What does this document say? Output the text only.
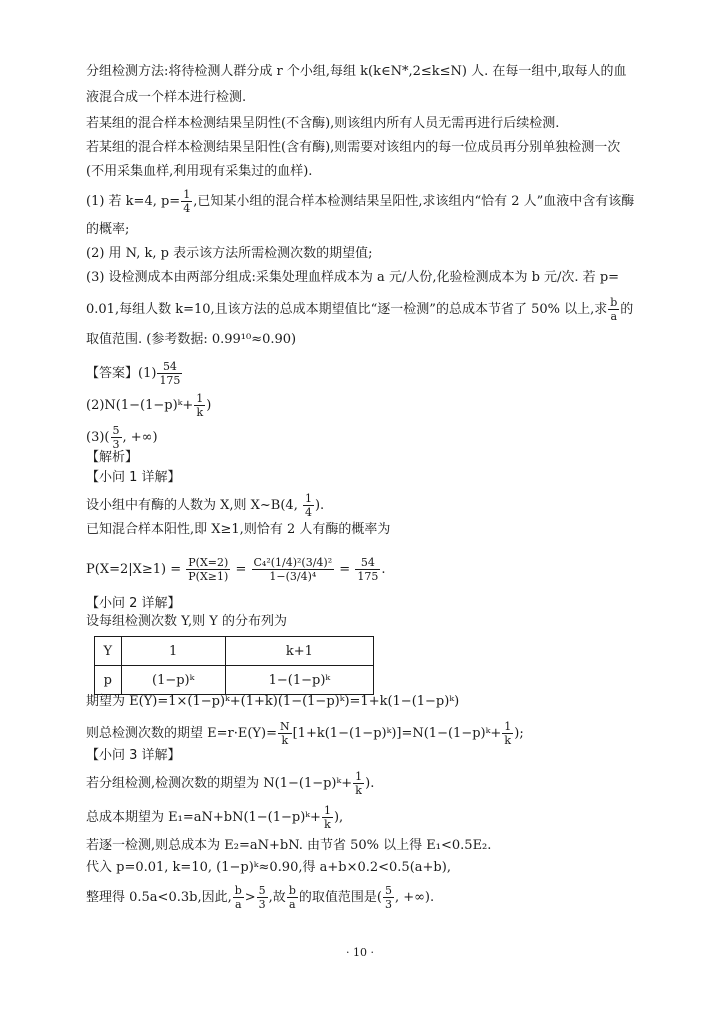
分组检测方法:将待检测人群分成 r 个小组,每组 k(k∈N*,2≤k≤N) 人. 在每一组中,取每人的血
液混合成一个样本进行检测.
若某组的混合样本检测结果呈阴性(不含酶),则该组内所有人员无需再进行后续检测.
若某组的混合样本检测结果呈阳性(含有酶),则需要对该组内的每一位成员再分别单独检测一次
(不用采集血样,利用现有采集过的血样).
(1) 若 k=4, $p= \frac{1}{4}$ ,已知某小组的混合样本检测结果呈阳性,求该组内“恰有 2 人”血液中含有该酶
的概率;
(2) 用 N, k, p 表示该方法所需检测次数的期望值;
(3) 设检测成本由两部分组成:采集处理血样成本为 a 元/人份,化验检测成本为 b 元/次. 若 p=
0.01,每组人数 k=10,且该方法的总成本期望值比“逐一检测”的总成本节省了 50% 以上,求 $\frac{b}{a}$ 的
取值范围. (参考数据: 0.99¹⁰≈0.90)
【答案】$(1) \frac{54}{175}$
(2)N(1−(1−p)ᵏ+ $\frac{1}{k}$ )
$(3)( \frac{5}{3}$ , +∞)
【解析】
【小问 1 详解】
设小组中有酶的人数为 X,则 X~B(4, $\frac{1}{4}$ ).
已知混合样本阳性,即 X≥1,则恰有 2 人有酶的概率为
$P(X=2|X\ge 1) = \frac{P(X=2)}{P(X\ge 1)} = \frac{\text{C₄²(1/4)²(3/4)²}}{\text{1−(3/4)⁴}} = \frac{54}{175}$ .
【小问 2 详解】
设每组检测次数 Y,则 Y 的分布列为
Y	1	k+1
p	(1−p)ᵏ	1−(1−p)ᵏ
期望为 E(Y)=1×(1−p)ᵏ+(1+k)(1−(1−p)ᵏ)=1+k(1−(1−p)ᵏ)
则总检测次数的期望 $E=r\cdot E(Y)= \frac{N}{k}$ [1+k(1−(1−p)ᵏ)]=N(1−(1−p)ᵏ+ $\frac{1}{k}$ );
【小问 3 详解】
若分组检测,检测次数的期望为 N(1−(1−p)ᵏ+ $\frac{1}{k}$ ).
总成本期望为 E₁=aN+bN(1−(1−p)ᵏ+ $\frac{1}{k}$ ),
若逐一检测,则总成本为 E₂=aN+bN. 由节省 50% 以上得 E₁<0.5E₂.
代入 p=0.01, k=10, (1−p)ᵏ≈0.90,得 a+b×0.2<0.5(a+b),
整理得 0.5a<0.3b,因此, $\frac{b}{a} > \frac{5}{3}$ ,故 $\frac{b}{a}$ 的取值范围是( $\frac{5}{3}$ , +∞).
· 10 ·
